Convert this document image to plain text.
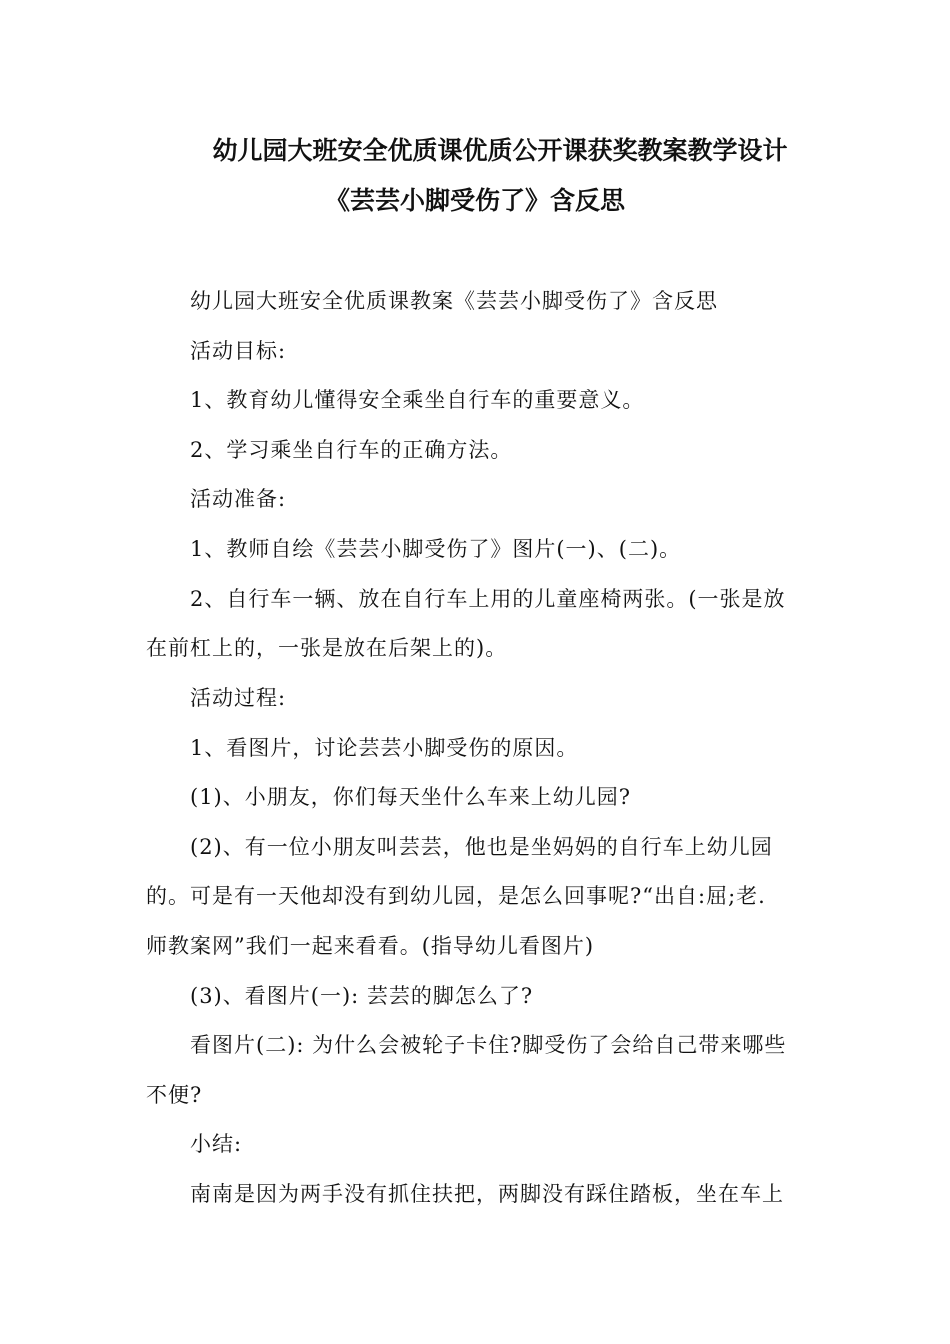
幼儿园大班安全优质课优质公开课获奖教案教学设计
《芸芸小脚受伤了》含反思
幼儿园大班安全优质课教案《芸芸小脚受伤了》含反思
活动目标:
1、教育幼儿懂得安全乘坐自行车的重要意义。
2、学习乘坐自行车的正确方法。
活动准备:
1、教师自绘《芸芸小脚受伤了》图片(一)、(二)。
2、自行车一辆、放在自行车上用的儿童座椅两张。(一张是放
在前杠上的，一张是放在后架上的)。
活动过程:
1、看图片，讨论芸芸小脚受伤的原因。
(1)、小朋友，你们每天坐什么车来上幼儿园?
(2)、有一位小朋友叫芸芸，他也是坐妈妈的自行车上幼儿园
的。可是有一天他却没有到幼儿园，是怎么回事呢?“出自:屈;老.
师教案网”我们一起来看看。(指导幼儿看图片)
(3)、看图片(一): 芸芸的脚怎么了?
看图片(二): 为什么会被轮子卡住?脚受伤了会给自己带来哪些
不便?
小结:
南南是因为两手没有抓住扶把，两脚没有踩住踏板，坐在车上
